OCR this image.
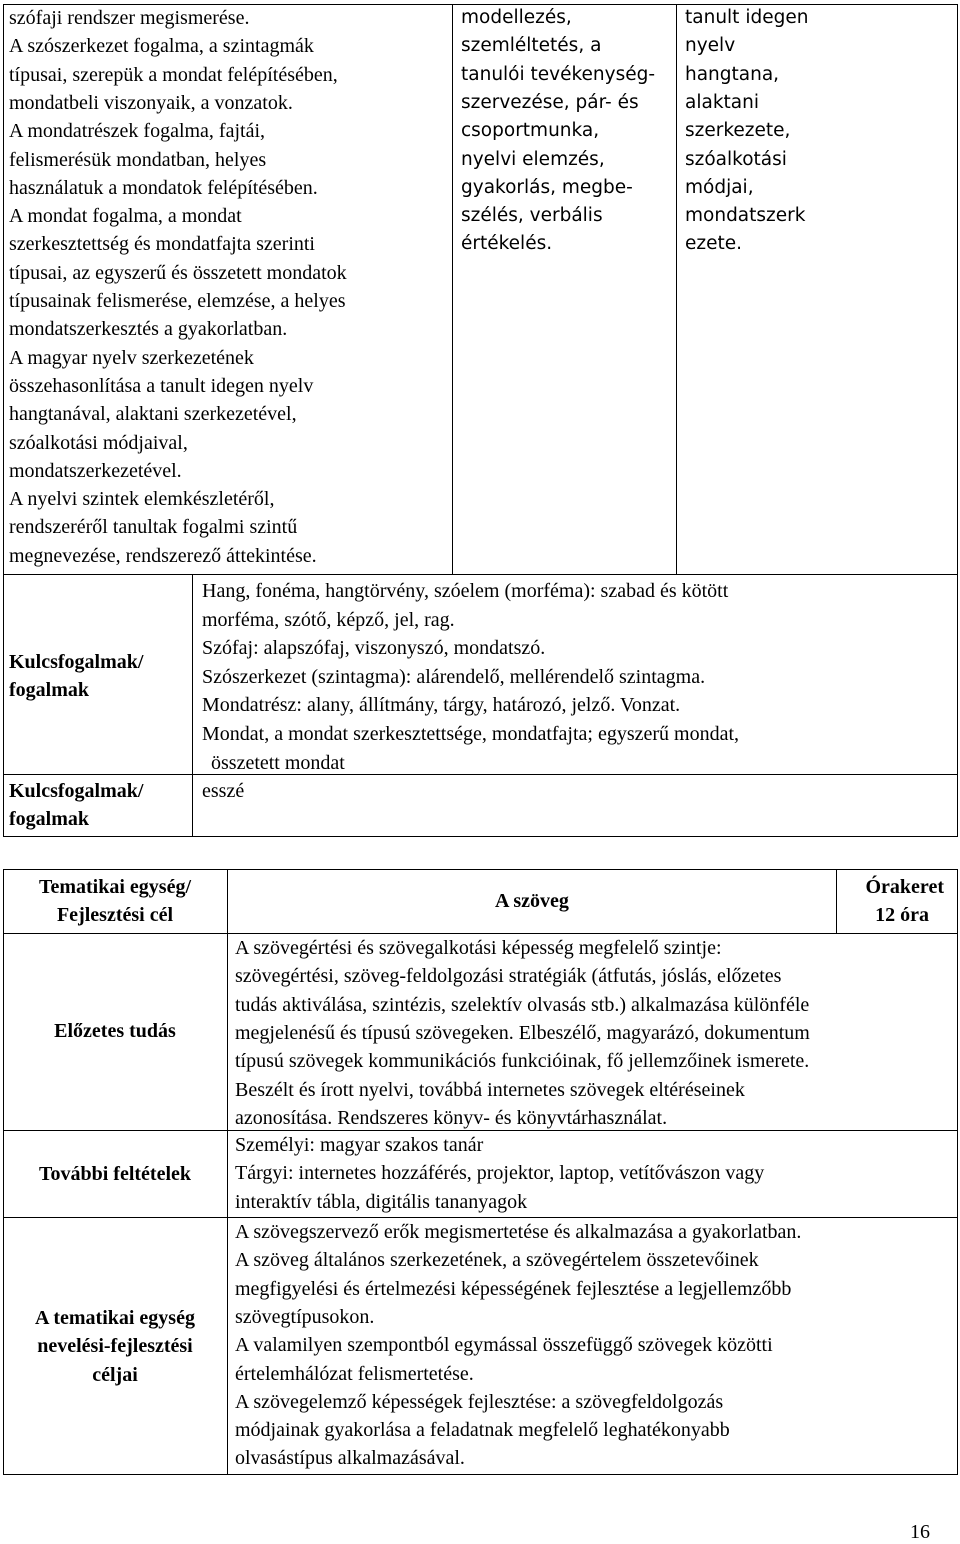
szófaji rendszer megismerése.
A szószerkezet fogalma, a szintagmák
típusai, szerepük a mondat felépítésében,
mondatbeli viszonyaik, a vonzatok.
A mondatrészek fogalma, fajtái,
felismerésük mondatban, helyes
használatuk a mondatok felépítésében.
A mondat fogalma, a mondat
szerkesztettség és mondatfajta szerinti
típusai, az egyszerű és összetett mondatok
típusainak felismerése, elemzése, a helyes
mondatszerkesztés a gyakorlatban.
A magyar nyelv szerkezetének
összehasonlítása a tanult idegen nyelv
hangtanával, alaktani szerkezetével,
szóalkotási módjaival,
mondatszerkezetével.
A nyelvi szintek elemkészletéről,
rendszeréről tanultak fogalmi szintű
megnevezése, rendszerező áttekintése.
modellezés,
szemléltetés, a
tanulói tevékenység-
szervezése, pár- és
csoportmunka,
nyelvi elemzés,
gyakorlás, megbe-
szélés, verbális
értékelés.
tanult idegen
nyelv
hangtana,
alaktani
szerkezete,
szóalkotási
módjai,
mondatszerk
ezete.
Kulcsfogalmak/
fogalmak
Hang, fonéma, hangtörvény, szóelem (morféma): szabad és kötött
morféma, szótő, képző, jel, rag.
Szófaj: alapszófaj, viszonyszó, mondatszó.
Szószerkezet (szintagma): alárendelő, mellérendelő szintagma.
Mondatrész: alany, állítmány, tárgy, határozó, jelző. Vonzat.
Mondat, a mondat szerkesztettsége, mondatfajta; egyszerű mondat,
összetett mondat
Kulcsfogalmak/
fogalmak
esszé
Tematikai egység/
Fejlesztési cél
A szöveg
Órakeret
12 óra
Előzetes tudás
A szövegértési és szövegalkotási képesség megfelelő szintje:
szövegértési, szöveg-feldolgozási stratégiák (átfutás, jóslás, előzetes
tudás aktiválása, szintézis, szelektív olvasás stb.) alkalmazása különféle
megjelenésű és típusú szövegeken. Elbeszélő, magyarázó, dokumentum
típusú szövegek kommunikációs funkcióinak, fő jellemzőinek ismerete.
Beszélt és írott nyelvi, továbbá internetes szövegek eltéréseinek
azonosítása. Rendszeres könyv- és könyvtárhasználat.
További feltételek
Személyi: magyar szakos tanár
Tárgyi: internetes hozzáférés, projektor, laptop, vetítővászon vagy
interaktív tábla, digitális tananyagok
A tematikai egység
nevelési-fejlesztési
céljai
A szövegszervező erők megismertetése és alkalmazása a gyakorlatban.
A szöveg általános szerkezetének, a szövegértelem összetevőinek
megfigyelési és értelmezési képességének fejlesztése a legjellemzőbb
szövegtípusokon.
A valamilyen szempontból egymással összefüggő szövegek közötti
értelemhálózat felismertetése.
A szövegelemző képességek fejlesztése: a szövegfeldolgozás
módjainak gyakorlása a feladatnak megfelelő leghatékonyabb
olvasástípus alkalmazásával.
16
